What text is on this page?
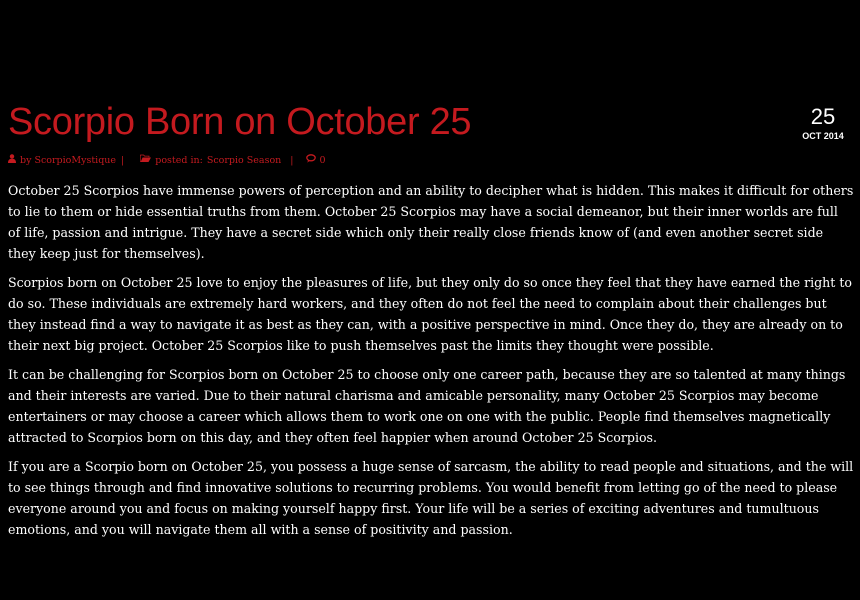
Scorpio Born on October 25	25
OCT 2014
by ScorpioMystique |	posted in: Scorpio Season |	0

October 25 Scorpios have immense powers of perception and an ability to decipher what is hidden. This makes it difficult for others to lie to them or hide essential truths from them. October 25 Scorpios may have a social demeanor, but their inner worlds are full of life, passion and intrigue. They have a secret side which only their really close friends know of (and even another secret side they keep just for themselves).

Scorpios born on October 25 love to enjoy the pleasures of life, but they only do so once they feel that they have earned the right to do so. These individuals are extremely hard workers, and they often do not feel the need to complain about their challenges but they instead find a way to navigate it as best as they can, with a positive perspective in mind. Once they do, they are already on to their next big project. October 25 Scorpios like to push themselves past the limits they thought were possible.

It can be challenging for Scorpios born on October 25 to choose only one career path, because they are so talented at many things and their interests are varied. Due to their natural charisma and amicable personality, many October 25 Scorpios may become entertainers or may choose a career which allows them to work one on one with the public. People find themselves magnetically attracted to Scorpios born on this day, and they often feel happier when around October 25 Scorpios.

If you are a Scorpio born on October 25, you possess a huge sense of sarcasm, the ability to read people and situations, and the will to see things through and find innovative solutions to recurring problems. You would benefit from letting go of the need to please everyone around you and focus on making yourself happy first. Your life will be a series of exciting adventures and tumultuous emotions, and you will navigate them all with a sense of positivity and passion.
